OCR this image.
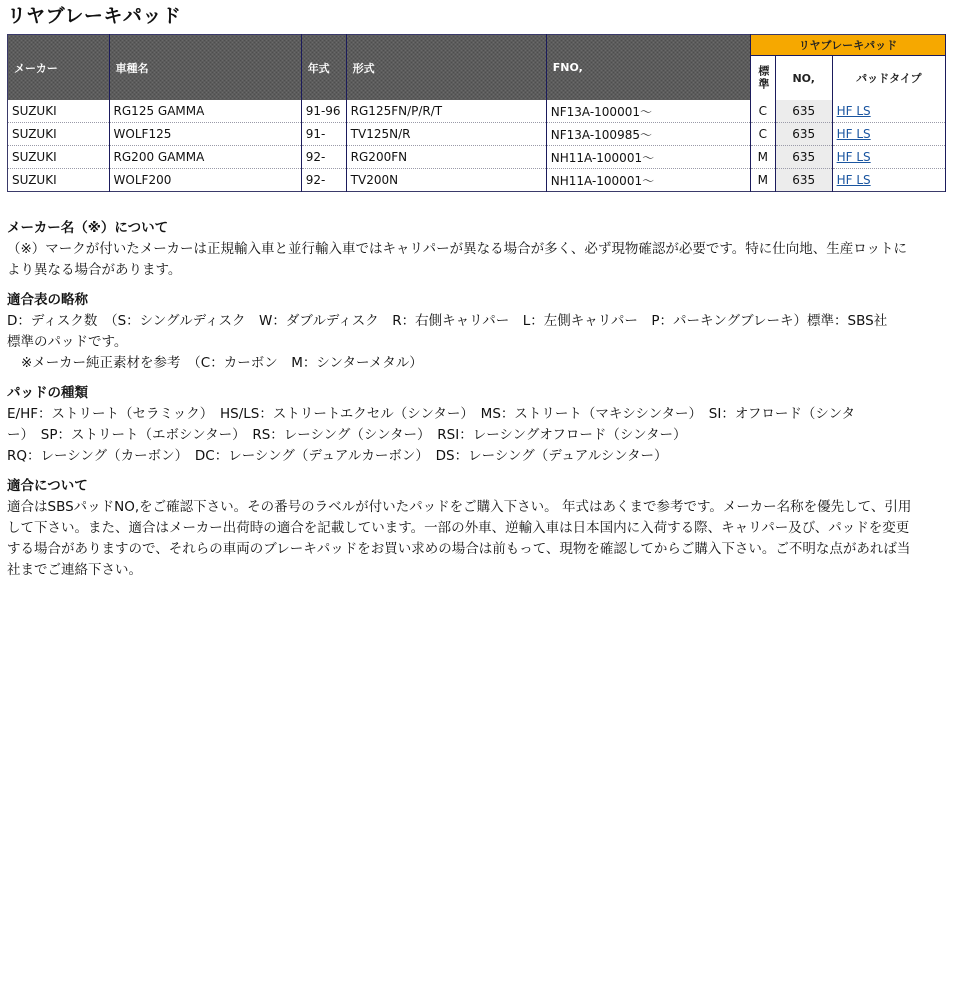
リヤブレーキパッド
メーカー	車種名	年式	形式	FNO,	リヤブレーキパッド		
					標準	NO,	パッドタイプ
SUZUKI	RG125 GAMMA	91-96	RG125FN/P/R/T	NF13A-100001～	C	635	HF LS
SUZUKI	WOLF125	91-	TV125N/R	NF13A-100985～	C	635	HF LS
SUZUKI	RG200 GAMMA	92-	RG200FN	NH11A-100001～	M	635	HF LS
SUZUKI	WOLF200	92-	TV200N	NH11A-100001～	M	635	HF LS

メーカー名（※）について

（※）マークが付いたメーカーは正規輸入車と並行輸入車ではキャリパーが異なる場合が多く、必ず現物確認が必要です。特に仕向地、生産ロットに

より異なる場合があります。

適合表の略称

D：ディスク数　（S：シングルディスク　W：ダブルディスク　R：右側キャリパー　L：左側キャリパー　P：パーキングブレーキ）標準：SBS社

標準のパッドです。

※メーカー純正素材を参考　（C：カーボン　M：シンターメタル）

パッドの種類

E/HF：ストリート（セラミック）　HS/LS：ストリートエクセル（シンター）　MS：ストリート（マキシシンター）　SI：オフロード（シンタ

ー）　SP：ストリート（エボシンター）　RS：レーシング（シンター）　RSI：レーシングオフロード（シンター）

RQ：レーシング（カーボン）　DC：レーシング（デュアルカーボン）　DS：レーシング（デュアルシンター）

適合について

適合はSBSパッドNO,をご確認下さい。その番号のラベルが付いたパッドをご購入下さい。 年式はあくまで参考です。メーカー名称を優先して、引用

して下さい。また、適合はメーカー出荷時の適合を記載しています。一部の外車、逆輸入車は日本国内に入荷する際、キャリパー及び、パッドを変更

する場合がありますので、それらの車両のブレーキパッドをお買い求めの場合は前もって、現物を確認してからご購入下さい。ご不明な点があれば当

社までご連絡下さい。
